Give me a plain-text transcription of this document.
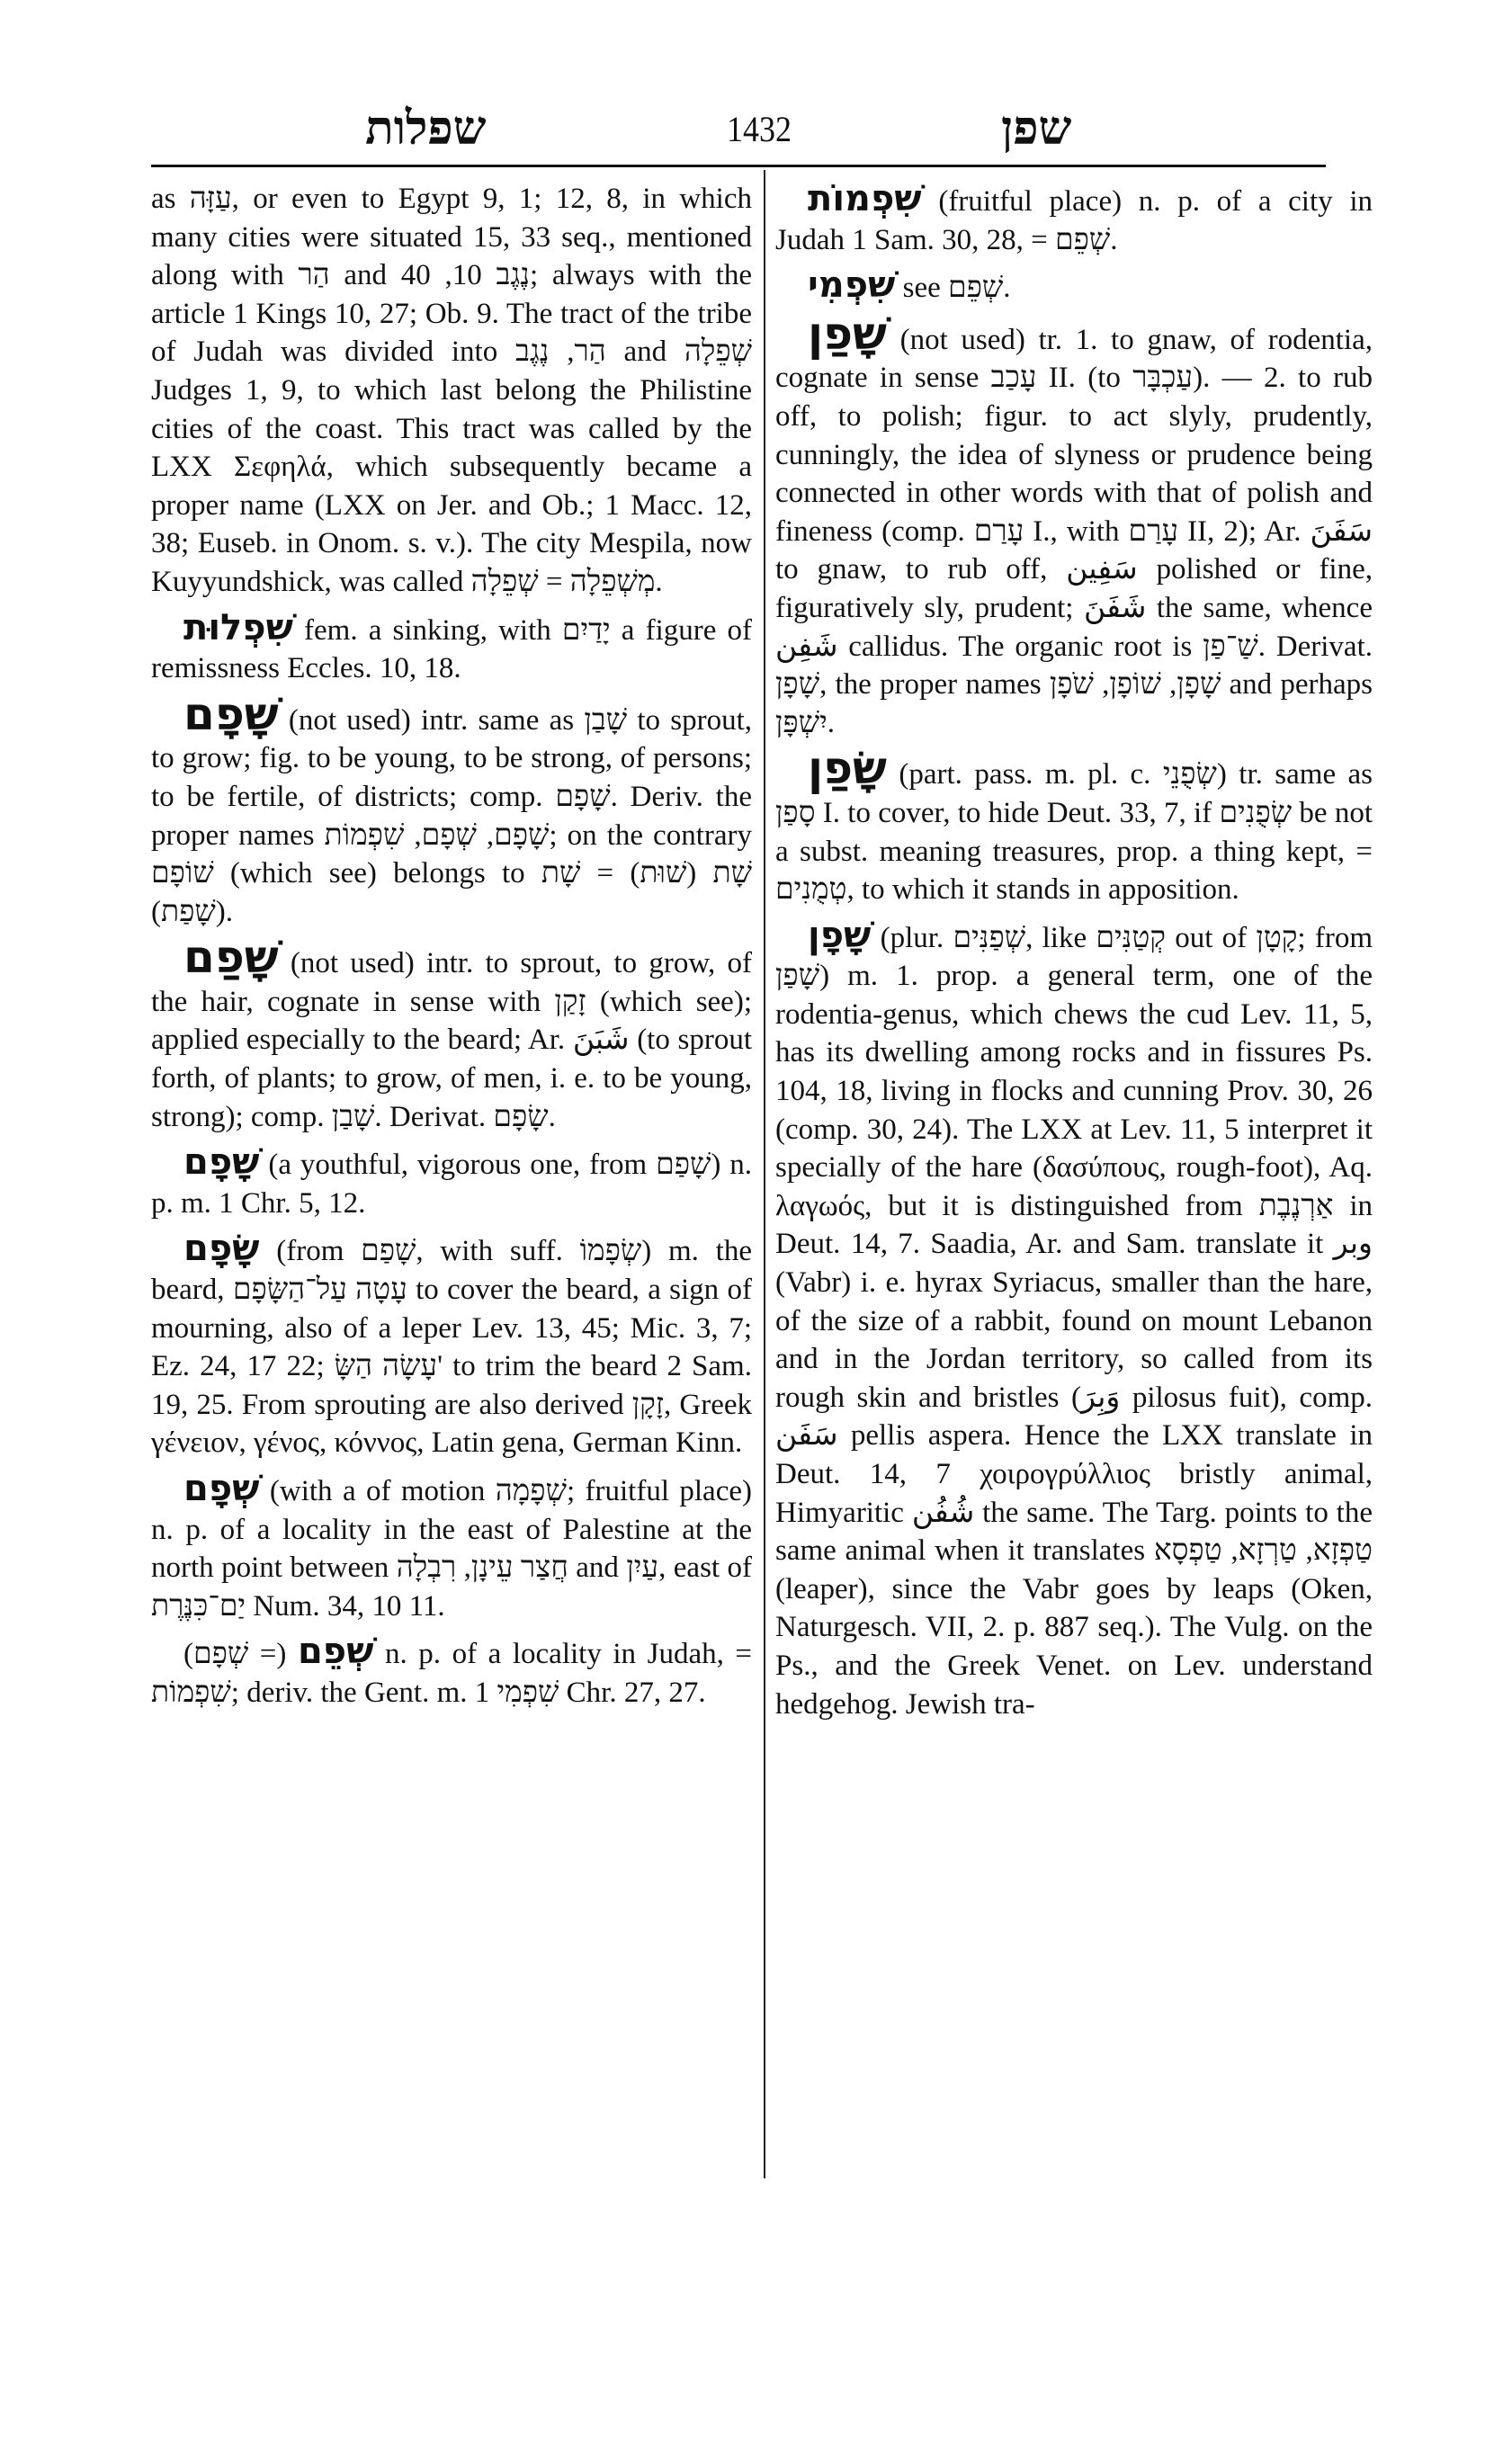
שפלות	1432	שפן

as עַזָּה, or even to Egypt 9, 1; 12, 8, in which many cities were situated 15, 33 seq., mentioned along with הַר and נֶגֶב 10, 40; always with the article 1 Kings 10, 27; Ob. 9. The tract of the tribe of Judah was divided into הַר, נֶגֶב and שְׁפֵלָה Judges 1, 9, to which last belong the Philistine cities of the coast. This tract was called by the LXX Σεφηλά, which subsequently became a proper name (LXX on Jer. and Ob.; 1 Macc. 12, 38; Euseb. in Onom. s. v.). The city Mespila, now Kuyyundshick, was called מְשְׁפֵלָה = שְׁפֵלָה.

שִׁפְלוּת fem. a sinking, with יָדַיִם a figure of remissness Eccles. 10, 18.

שָׁפָם (not used) intr. same as שָׁבַן to sprout, to grow; fig. to be young, to be strong, of persons; to be fertile, of districts; comp. שָׁפָם. Deriv. the proper names שָׁפָם, שְׁפָם, שִׁפְמוֹת; on the contrary שׁוֹפָם (which see) belongs to שָׁת (שׁוּת) = שָׁת (שָׁפַת).

שָׁפַם (not used) intr. to sprout, to grow, of the hair, cognate in sense with זָקַן (which see); applied especially to the beard; Ar. شَبَنَ (to sprout forth, of plants; to grow, of men, i. e. to be young, strong); comp. שָׁבַן. Derivat. שָׂפָם.

שָׁפָם (a youthful, vigorous one, from שָׁפַם) n. p. m. 1 Chr. 5, 12.

שָׂפָם (from שָׁפַם, with suff. שְׂפָמוֹ) m. the beard, עָטָה עַל־הַשָּׂפָם to cover the beard, a sign of mourning, also of a leper Lev. 13, 45; Mic. 3, 7; Ez. 24, 17 22; עָשָׂה הַשָּׂ' to trim the beard 2 Sam. 19, 25. From sprouting are also derived זָקָן, Greek γένειον, γένος, κόννος, Latin gena, German Kinn.

שְׁפָם (with a of motion שְׁפָמָה; fruitful place) n. p. of a locality in the east of Palestine at the north point between חֲצַר עֵינָן, רִבְלָה and עַיִן, east of יַם־כִּנֶּרֶת Num. 34, 10 11.

שְׁפֵם (= שְׁפָם) n. p. of a locality in Judah, = שִׁפְמוֹת; deriv. the Gent. m. שִׁפְמִי 1 Chr. 27, 27.

שִׁפְמוֹת (fruitful place) n. p. of a city in Judah 1 Sam. 30, 28, = שְׁפֵם.

שִׁפְמִי see שְׁפֵם.

שָׁפַן (not used) tr. 1. to gnaw, of rodentia, cognate in sense עָכַב II. (to עַכְבָּר). — 2. to rub off, to polish; figur. to act slyly, prudently, cunningly, the idea of slyness or prudence being connected in other words with that of polish and fineness (comp. עָרַם I., with עָרַם II, 2); Ar. سَفَنَ to gnaw, to rub off, سَفِين polished or fine, figuratively sly, prudent; شَفَنَ the same, whence شَفِن callidus. The organic root is שַׁ־פַן. Derivat. שָׁפָן, the proper names שָׁפָן, שׁוֹפָן, שֹׁפָן and perhaps יִשְׁפָּן.

שָׂפַן (part. pass. m. pl. c. שְׂפֻנֵי) tr. same as סָפַן I. to cover, to hide Deut. 33, 7, if שְׂפֻנִים be not a subst. meaning treasures, prop. a thing kept, = טְמֻנִים, to which it stands in apposition.

שָׁפָן (plur. שְׁפַנִּים, like קְטַנִּים out of קָטָן; from שָׁפַן) m. 1. prop. a general term, one of the rodentia-genus, which chews the cud Lev. 11, 5, has its dwelling among rocks and in fissures Ps. 104, 18, living in flocks and cunning Prov. 30, 26 (comp. 30, 24). The LXX at Lev. 11, 5 interpret it specially of the hare (δασύπους, rough-foot), Aq. λαγωός, but it is distinguished from אַרְנֶבֶת in Deut. 14, 7. Saadia, Ar. and Sam. translate it وبر (Vabr) i. e. hyrax Syriacus, smaller than the hare, of the size of a rabbit, found on mount Lebanon and in the Jordan territory, so called from its rough skin and bristles (وَبِرَ pilosus fuit), comp. سَفَن pellis aspera. Hence the LXX translate in Deut. 14, 7 χοιρογρύλλιος bristly animal, Himyaritic شُفُن the same. The Targ. points to the same animal when it translates טַפְזָא, טַרְזָא, טַפְסָא (leaper), since the Vabr goes by leaps (Oken, Naturgesch. VII, 2. p. 887 seq.). The Vulg. on the Ps., and the Greek Venet. on Lev. understand hedgehog. Jewish tra-
